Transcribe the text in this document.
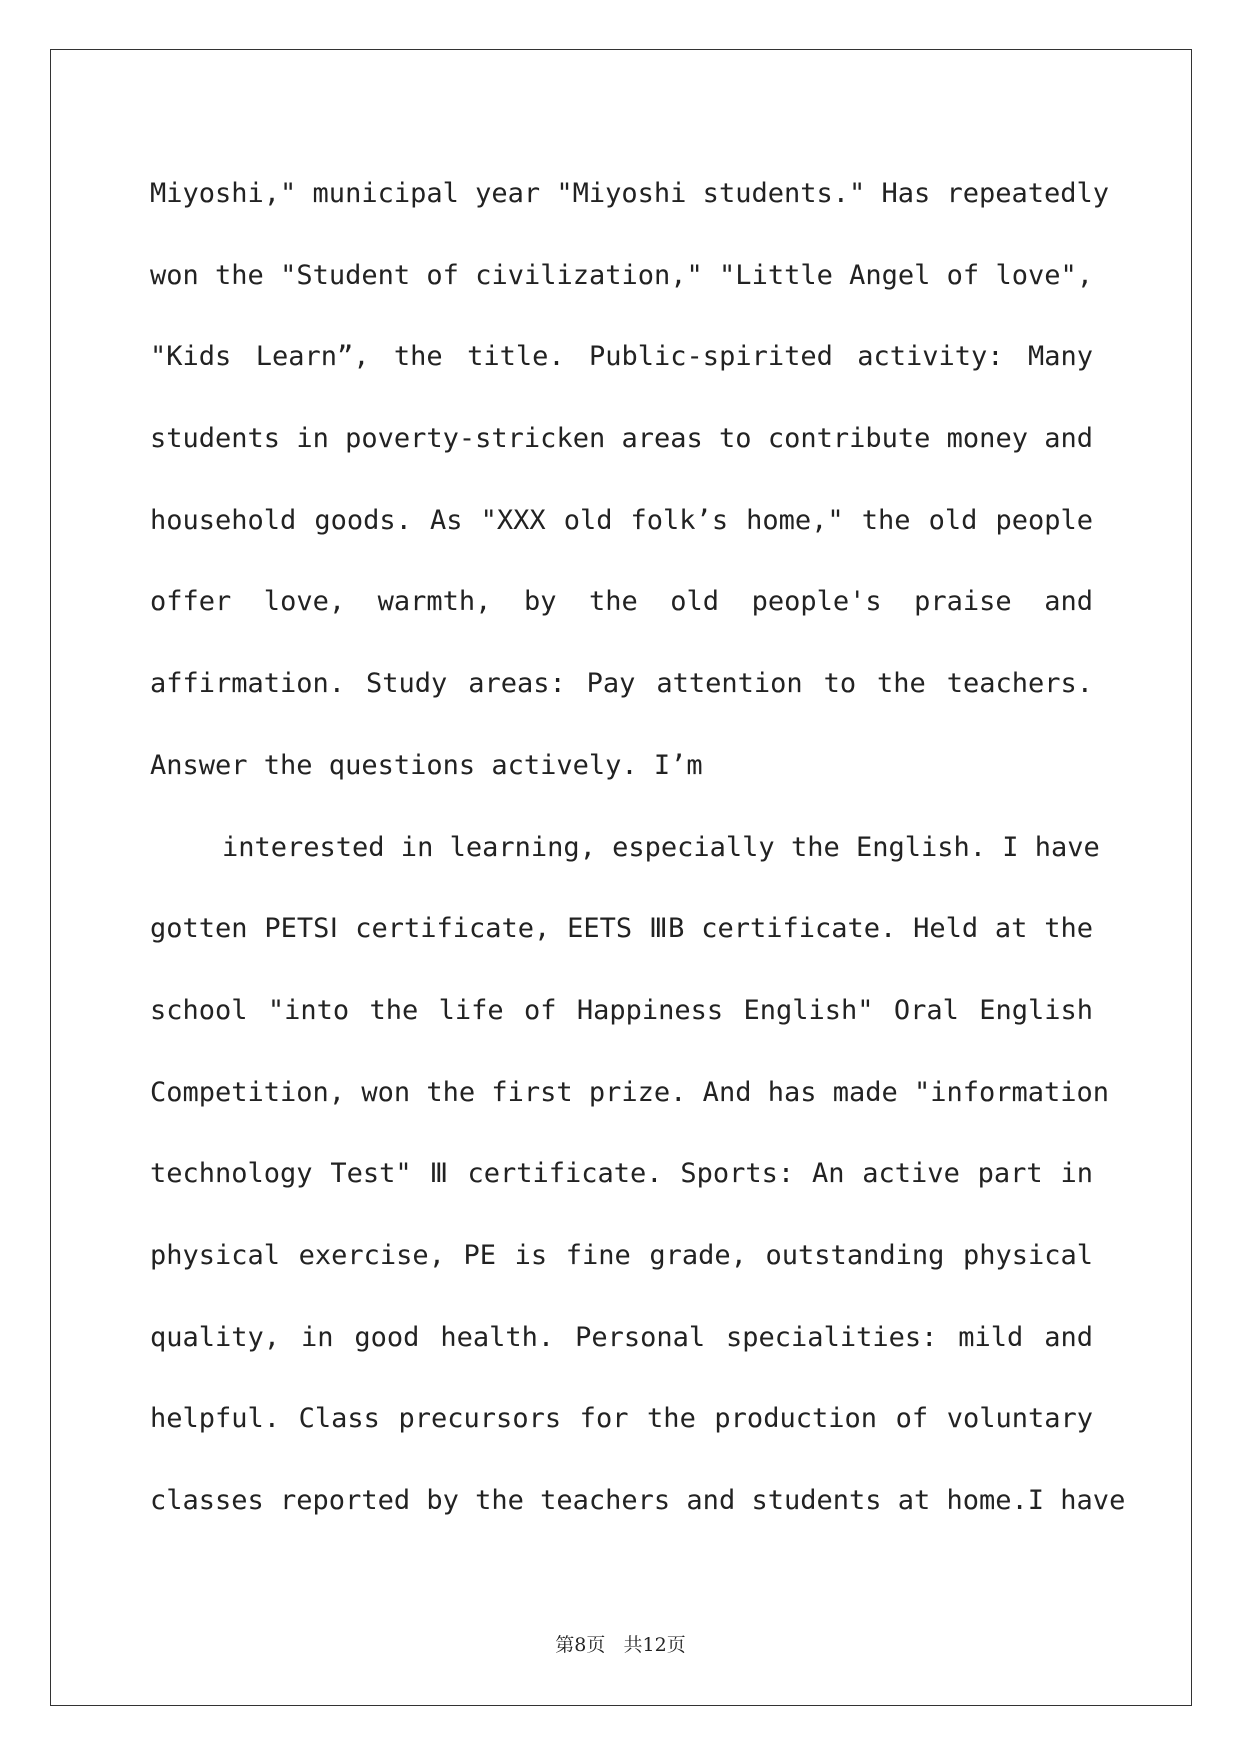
Miyoshi," municipal year "Miyoshi students." Has repeatedly
won the "Student of civilization," "Little Angel of love",
"Kids Learn”, the title. Public-spirited activity: Many
students in poverty-stricken areas to contribute money and
household goods. As "XXX old folk’s home," the old people
offer love, warmth, by the old people's praise and
affirmation. Study areas: Pay attention to the teachers.
Answer the questions actively. I’m
interested in learning, especially the English. I have
gotten PETSⅠ certificate, EETS ⅢB certificate. Held at the
school "into the life of Happiness English" Oral English
Competition, won the first prize. And has made "information
technology Test" Ⅲ certificate. Sports: An active part in
physical exercise, PE is fine grade, outstanding physical
quality, in good health. Personal specialities: mild and
helpful. Class precursors for the production of voluntary
classes reported by the teachers and students at home.I have
第8页 共12页
